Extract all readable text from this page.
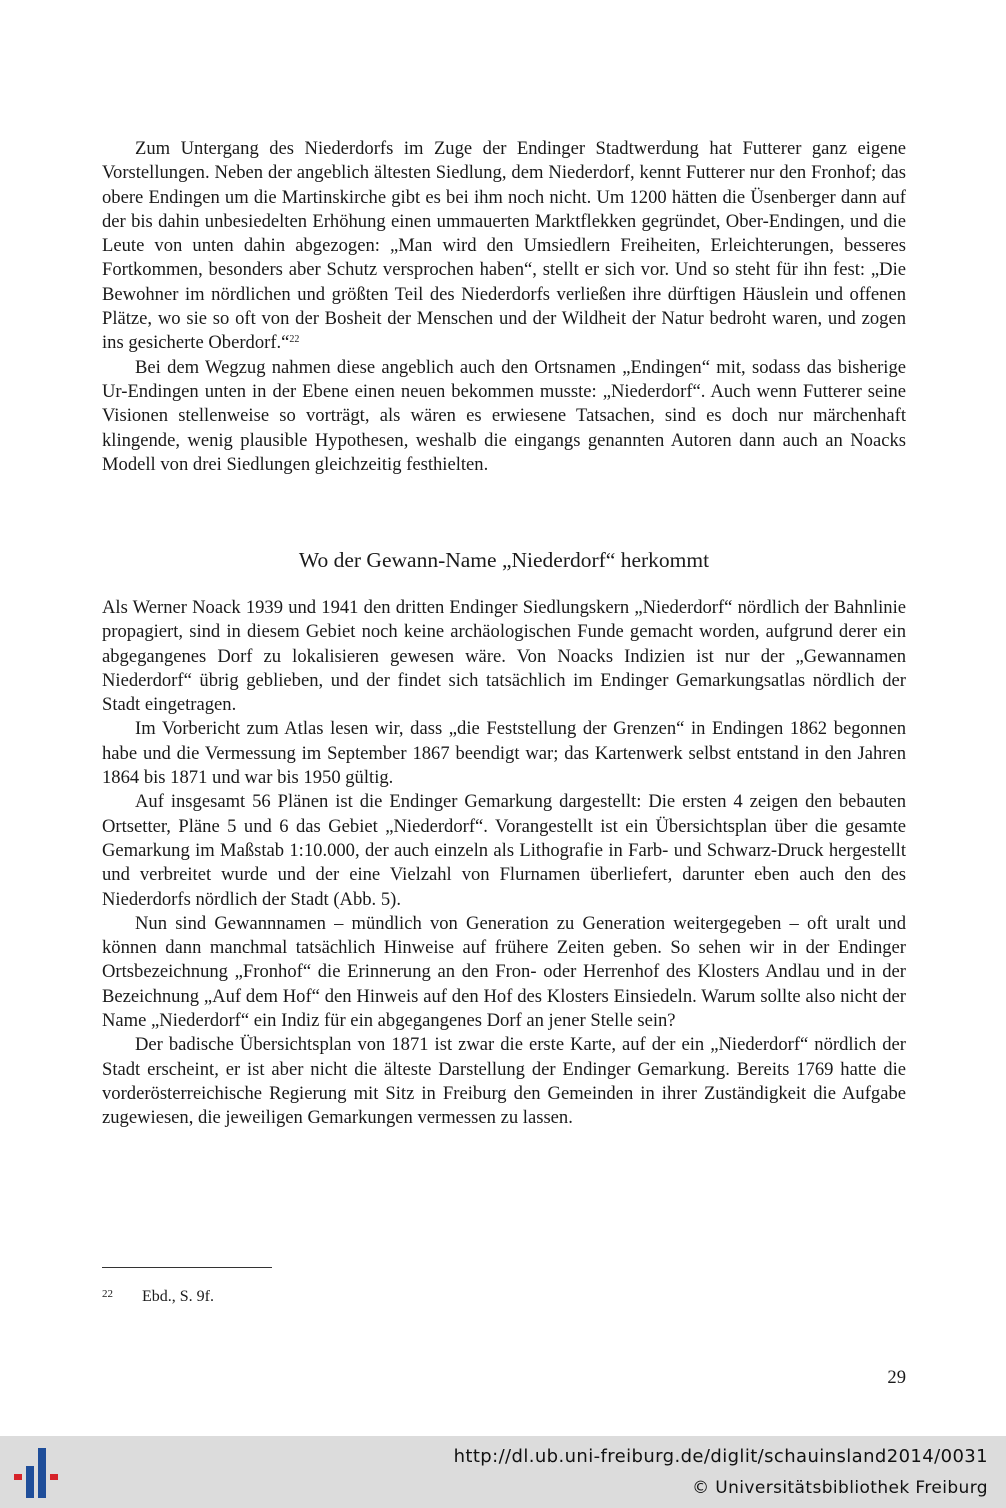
Zum Untergang des Niederdorfs im Zuge der Endinger Stadtwerdung hat Futterer ganz eigene Vorstellungen. Neben der angeblich ältesten Siedlung, dem Niederdorf, kennt Futterer nur den Fronhof; das obere Endingen um die Martinskirche gibt es bei ihm noch nicht. Um 1200 hätten die Üsenberger dann auf der bis dahin unbesiedelten Erhöhung einen ummauerten Marktflekken gegründet, Ober-Endingen, und die Leute von unten dahin abgezogen: „Man wird den Umsiedlern Freiheiten, Erleichterungen, besseres Fortkommen, besonders aber Schutz versprochen haben“, stellt er sich vor. Und so steht für ihn fest: „Die Bewohner im nördlichen und größten Teil des Niederdorfs verließen ihre dürftigen Häuslein und offenen Plätze, wo sie so oft von der Bosheit der Menschen und der Wildheit der Natur bedroht waren, und zogen ins gesicherte Oberdorf.“$^{22}$

Bei dem Wegzug nahmen diese angeblich auch den Ortsnamen „Endingen“ mit, sodass das bisherige Ur-Endingen unten in der Ebene einen neuen bekommen musste: „Niederdorf“. Auch wenn Futterer seine Visionen stellenweise so vorträgt, als wären es erwiesene Tatsachen, sind es doch nur märchenhaft klingende, wenig plausible Hypothesen, weshalb die eingangs genannten Autoren dann auch an Noacks Modell von drei Siedlungen gleichzeitig festhielten.

Wo der Gewann-Name „Niederdorf“ herkommt

Als Werner Noack 1939 und 1941 den dritten Endinger Siedlungskern „Niederdorf“ nördlich der Bahnlinie propagiert, sind in diesem Gebiet noch keine archäologischen Funde gemacht worden, aufgrund derer ein abgegangenes Dorf zu lokalisieren gewesen wäre. Von Noacks Indizien ist nur der „Gewannamen Niederdorf“ übrig geblieben, und der findet sich tatsächlich im Endinger Gemarkungsatlas nördlich der Stadt eingetragen.

Im Vorbericht zum Atlas lesen wir, dass „die Feststellung der Grenzen“ in Endingen 1862 begonnen habe und die Vermessung im September 1867 beendigt war; das Kartenwerk selbst entstand in den Jahren 1864 bis 1871 und war bis 1950 gültig.

Auf insgesamt 56 Plänen ist die Endinger Gemarkung dargestellt: Die ersten 4 zeigen den bebauten Ortsetter, Pläne 5 und 6 das Gebiet „Niederdorf“. Vorangestellt ist ein Übersichtsplan über die gesamte Gemarkung im Maßstab 1:10.000, der auch einzeln als Lithografie in Farb- und Schwarz-Druck hergestellt und verbreitet wurde und der eine Vielzahl von Flurnamen überliefert, darunter eben auch den des Niederdorfs nördlich der Stadt (Abb. 5).

Nun sind Gewannnamen – mündlich von Generation zu Generation weitergegeben – oft uralt und können dann manchmal tatsächlich Hinweise auf frühere Zeiten geben. So sehen wir in der Endinger Ortsbezeichnung „Fronhof“ die Erinnerung an den Fron- oder Herrenhof des Klosters Andlau und in der Bezeichnung „Auf dem Hof“ den Hinweis auf den Hof des Klosters Einsiedeln. Warum sollte also nicht der Name „Niederdorf“ ein Indiz für ein abgegangenes Dorf an jener Stelle sein?

Der badische Übersichtsplan von 1871 ist zwar die erste Karte, auf der ein „Niederdorf“ nördlich der Stadt erscheint, er ist aber nicht die älteste Darstellung der Endinger Gemarkung. Bereits 1769 hatte die vorderösterreichische Regierung mit Sitz in Freiburg den Gemeinden in ihrer Zuständigkeit die Aufgabe zugewiesen, die jeweiligen Gemarkungen vermessen zu lassen.

22 Ebd., S. 9f.
29
http://dl.ub.uni-freiburg.de/diglit/schauinsland2014/0031
© Universitätsbibliothek Freiburg
